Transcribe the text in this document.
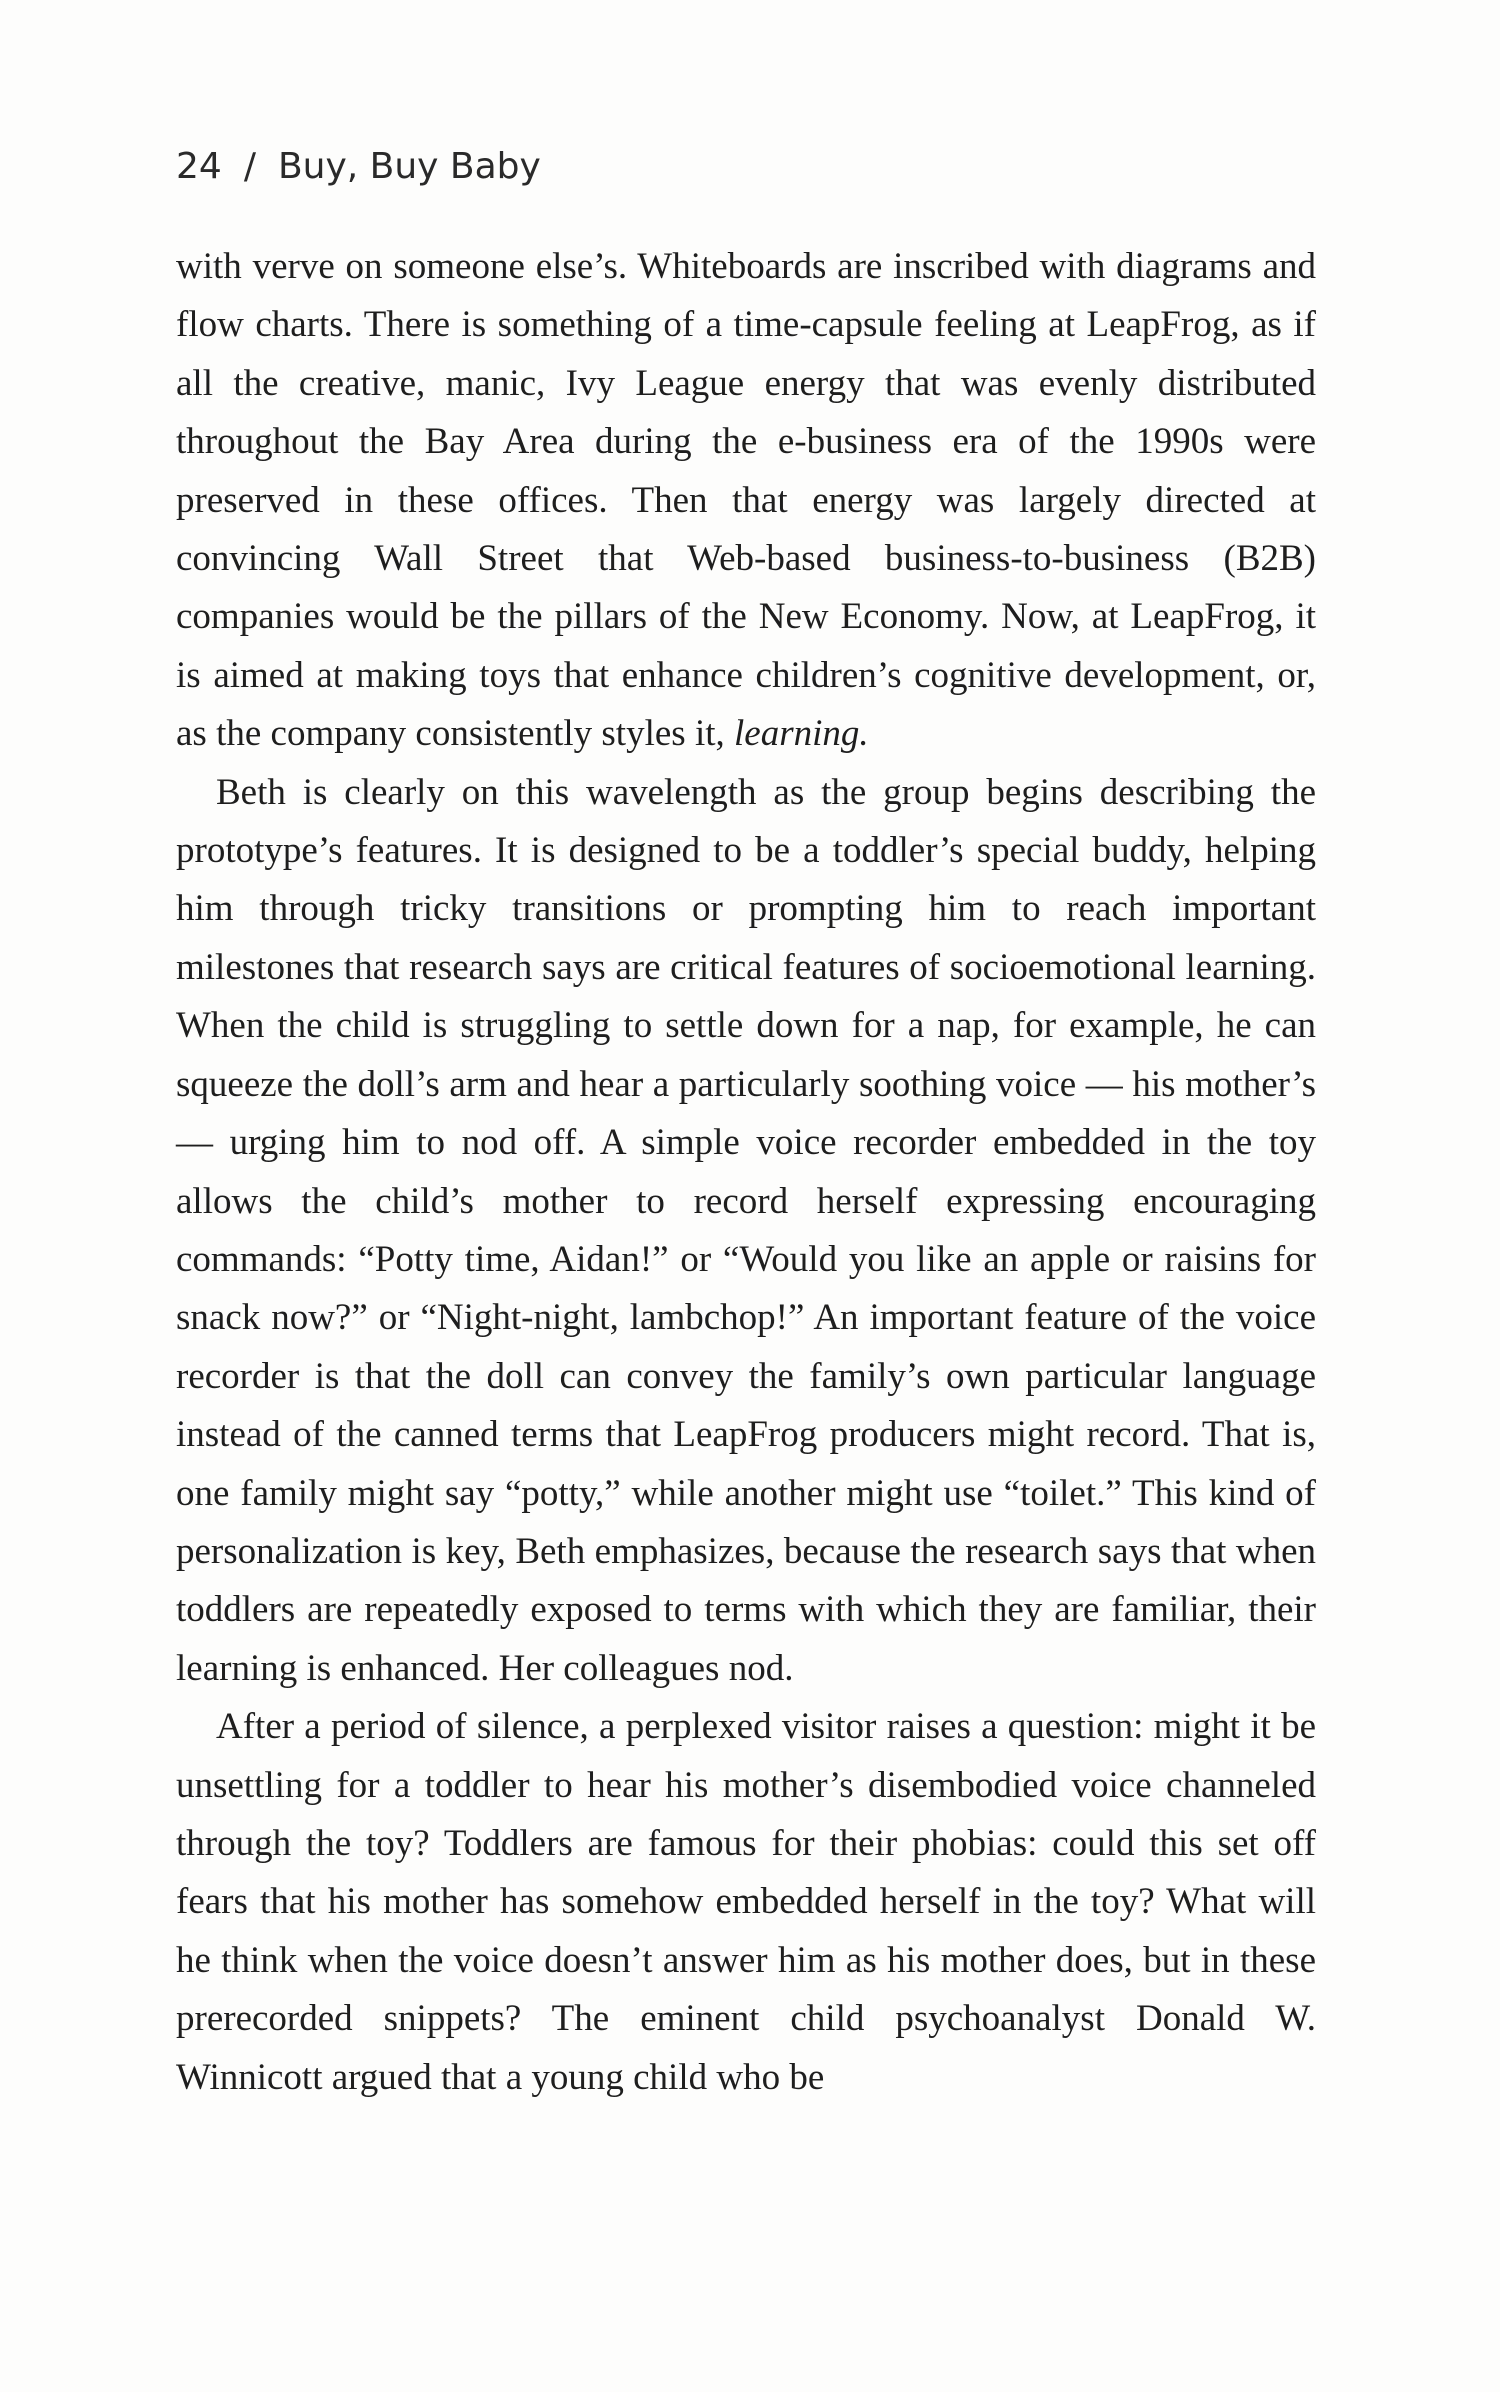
24 / Buy, Buy Baby

with verve on someone else’s. Whiteboards are inscribed with diagrams and flow charts. There is something of a time-capsule feeling at LeapFrog, as if all the creative, manic, Ivy League energy that was evenly distributed throughout the Bay Area during the e-business era of the 1990s were preserved in these offices. Then that energy was largely directed at convincing Wall Street that Web-based business-to-business (B2B) companies would be the pillars of the New Economy. Now, at LeapFrog, it is aimed at making toys that enhance children’s cognitive development, or, as the company consistently styles it, learning.

Beth is clearly on this wavelength as the group begins describing the prototype’s features. It is designed to be a toddler’s special buddy, helping him through tricky transitions or prompting him to reach important milestones that research says are critical features of socioemotional learning. When the child is struggling to settle down for a nap, for example, he can squeeze the doll’s arm and hear a particularly soothing voice — his mother’s — urging him to nod off. A simple voice recorder embedded in the toy allows the child’s mother to record herself expressing encouraging commands: “Potty time, Aidan!” or “Would you like an apple or raisins for snack now?” or “Night-night, lambchop!” An important feature of the voice recorder is that the doll can convey the family’s own particular language instead of the canned terms that LeapFrog producers might record. That is, one family might say “potty,” while another might use “toilet.” This kind of personalization is key, Beth emphasizes, because the research says that when toddlers are repeatedly exposed to terms with which they are familiar, their learning is enhanced. Her colleagues nod.

After a period of silence, a perplexed visitor raises a question: might it be unsettling for a toddler to hear his mother’s disembodied voice channeled through the toy? Toddlers are famous for their phobias: could this set off fears that his mother has somehow embedded herself in the toy? What will he think when the voice doesn’t answer him as his mother does, but in these prerecorded snippets? The eminent child psychoanalyst Donald W. Winnicott argued that a young child who be
